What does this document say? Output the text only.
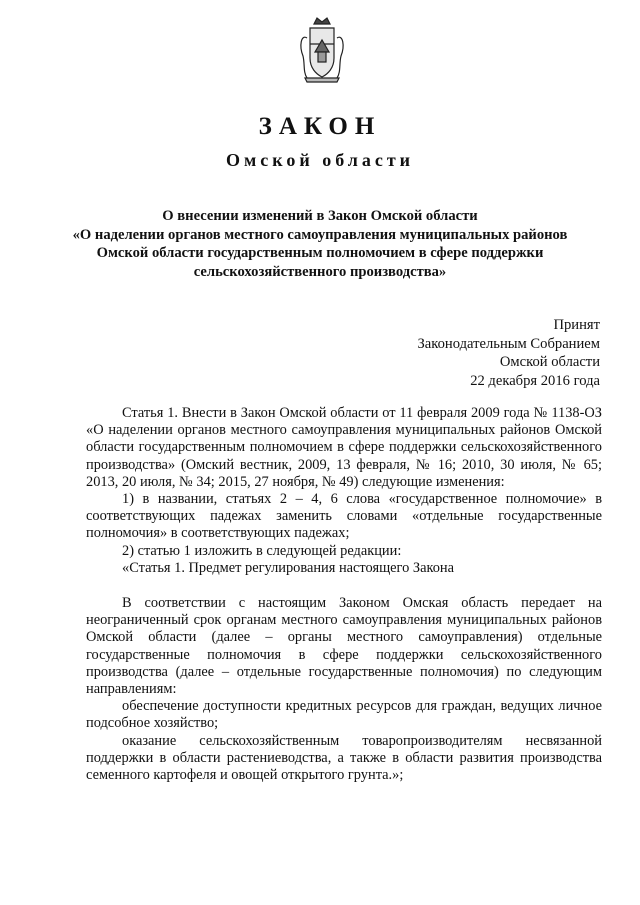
ЗАКОН
Омской области
О внесении изменений в Закон Омской области
«О наделении органов местного самоуправления муниципальных районов
Омской области государственным полномочием в сфере поддержки
сельскохозяйственного производства»
Принят
Законодательным Собранием
Омской области
22 декабря 2016 года

Статья 1. Внести в Закон Омской области от 11 февраля 2009 года № 1138-ОЗ «О наделении органов местного самоуправления муниципальных районов Омской области государственным полномочием в сфере поддержки сельскохозяйственного производства» (Омский вестник, 2009, 13 февраля, № 16; 2010, 30 июля, № 65; 2013, 20 июля, № 34; 2015, 27 ноября, № 49) следующие изменения:

1) в названии, статьях 2 – 4, 6 слова «государственное полномочие» в соответствующих падежах заменить словами «отдельные государственные полномочия» в соответствующих падежах;

2) статью 1 изложить в следующей редакции:

«Статья 1. Предмет регулирования настоящего Закона

В соответствии с настоящим Законом Омская область передает на неограниченный срок органам местного самоуправления муниципальных районов Омской области (далее – органы местного самоуправления) отдельные государственные полномочия в сфере поддержки сельскохозяйственного производства (далее – отдельные государственные полномочия) по следующим направлениям:

обеспечение доступности кредитных ресурсов для граждан, ведущих личное подсобное хозяйство;

оказание сельскохозяйственным товаропроизводителям несвязанной поддержки в области растениеводства, а также в области развития производства семенного картофеля и овощей открытого грунта.»;
